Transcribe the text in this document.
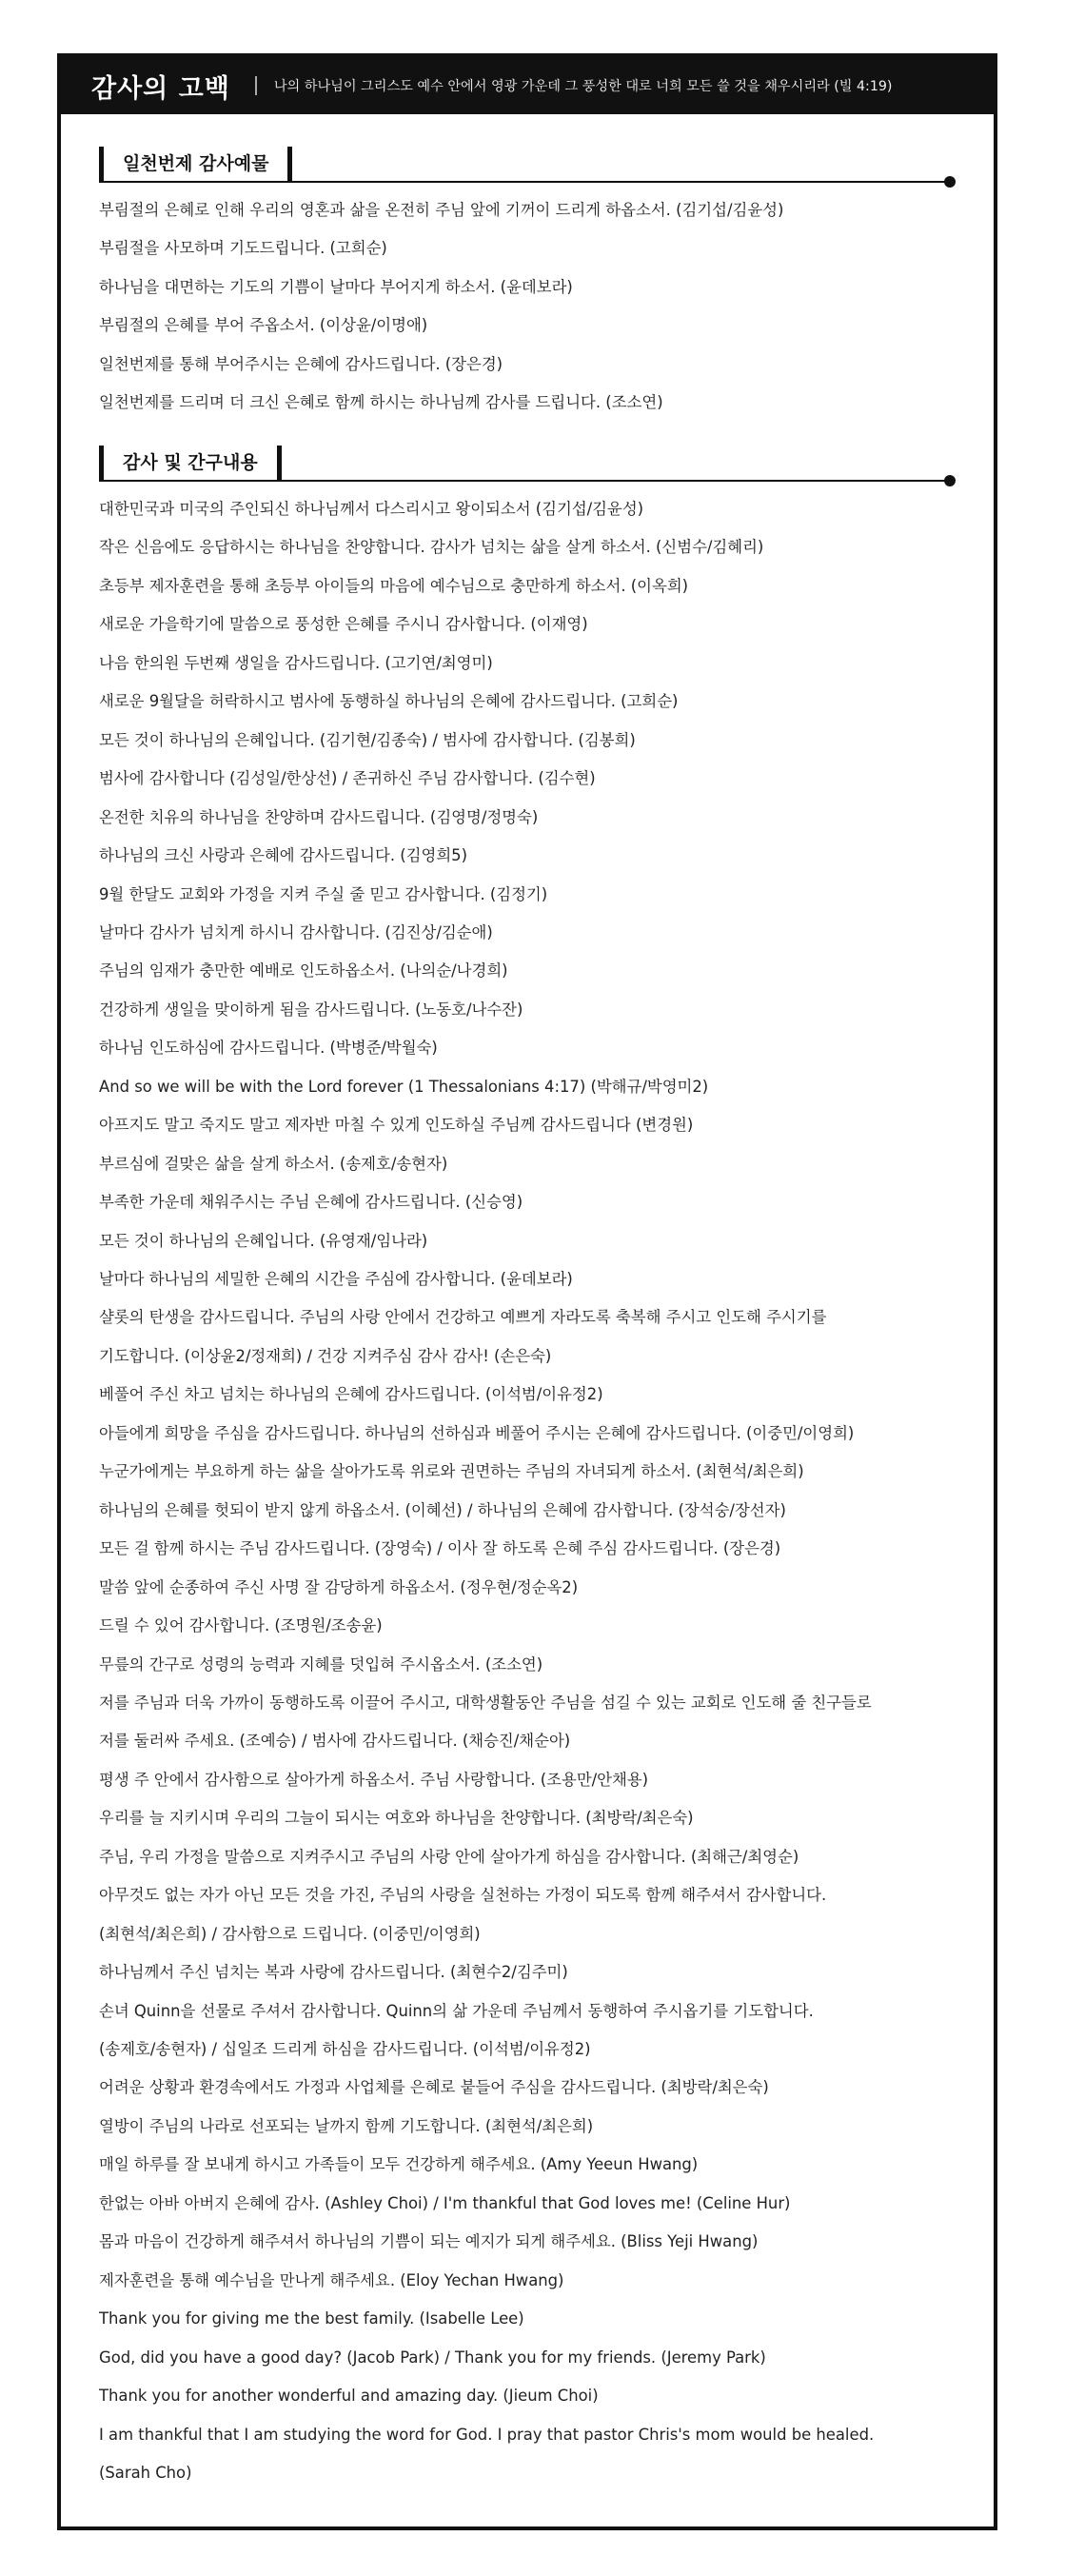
감사의 고백	나의 하나님이 그리스도 예수 안에서 영광 가운데 그 풍성한 대로 너희 모든 쓸 것을 채우시리라 (빌 4:19)
일천번제 감사예물
부림절의 은혜로 인해 우리의 영혼과 삶을 온전히 주님 앞에 기꺼이 드리게 하옵소서. (김기섭/김윤성)
부림절을 사모하며 기도드립니다. (고희순)
하나님을 대면하는 기도의 기쁨이 날마다 부어지게 하소서. (윤데보라)
부림절의 은혜를 부어 주옵소서. (이상윤/이명애)
일천번제를 통해 부어주시는 은혜에 감사드립니다. (장은경)
일천번제를 드리며 더 크신 은혜로 함께 하시는 하나님께 감사를 드립니다. (조소연)
감사 및 간구내용
대한민국과 미국의 주인되신 하나님께서 다스리시고 왕이되소서 (김기섭/김윤성)
작은 신음에도 응답하시는 하나님을 찬양합니다. 감사가 넘치는 삶을 살게 하소서. (신범수/김혜리)
초등부 제자훈련을 통해 초등부 아이들의 마음에 예수님으로 충만하게 하소서. (이옥희)
새로운 가을학기에 말씀으로 풍성한 은혜를 주시니 감사합니다. (이재영)
나음 한의원 두번째 생일을 감사드립니다. (고기연/최영미)
새로운 9월달을 허락하시고 범사에 동행하실 하나님의 은혜에 감사드립니다. (고희순)
모든 것이 하나님의 은혜입니다. (김기현/김종숙) / 범사에 감사합니다. (김봉희)
범사에 감사합니다 (김성일/한상선) / 존귀하신 주님 감사합니다. (김수현)
온전한 치유의 하나님을 찬양하며 감사드립니다. (김영명/정명숙)
하나님의 크신 사랑과 은혜에 감사드립니다. (김영희5)
9월 한달도 교회와 가정을 지켜 주실 줄 믿고 감사합니다. (김정기)
날마다 감사가 넘치게 하시니 감사합니다. (김진상/김순애)
주님의 임재가 충만한 예배로 인도하옵소서. (나의순/나경희)
건강하게 생일을 맞이하게 됨을 감사드립니다. (노동호/나수잔)
하나님 인도하심에 감사드립니다. (박병준/박월숙)
And so we will be with the Lord forever (1 Thessalonians 4:17) (박해규/박영미2)
아프지도 말고 죽지도 말고 제자반 마칠 수 있게 인도하실 주님께 감사드립니다 (변경원)
부르심에 걸맞은 삶을 살게 하소서. (송제호/송현자)
부족한 가운데 채워주시는 주님 은혜에 감사드립니다. (신승영)
모든 것이 하나님의 은혜입니다. (유영재/임나라)
날마다 하나님의 세밀한 은혜의 시간을 주심에 감사합니다. (윤데보라)
샬롯의 탄생을 감사드립니다. 주님의 사랑 안에서 건강하고 예쁘게 자라도록 축복해 주시고 인도해 주시기를
기도합니다. (이상윤2/정재희) / 건강 지켜주심 감사 감사! (손은숙)
베풀어 주신 차고 넘치는 하나님의 은혜에 감사드립니다. (이석범/이유정2)
아들에게 희망을 주심을 감사드립니다. 하나님의 선하심과 베풀어 주시는 은혜에 감사드립니다. (이중민/이영희)
누군가에게는 부요하게 하는 삶을 살아가도록 위로와 권면하는 주님의 자녀되게 하소서. (최현석/최은희)
하나님의 은혜를 헛되이 받지 않게 하옵소서. (이혜선) / 하나님의 은혜에 감사합니다. (장석숭/장선자)
모든 걸 함께 하시는 주님 감사드립니다. (장영숙) / 이사 잘 하도록 은혜 주심 감사드립니다. (장은경)
말씀 앞에 순종하여 주신 사명 잘 감당하게 하옵소서. (정우현/정순옥2)
드릴 수 있어 감사합니다. (조명원/조송윤)
무릎의 간구로 성령의 능력과 지혜를 덧입혀 주시옵소서. (조소연)
저를 주님과 더욱 가까이 동행하도록 이끌어 주시고, 대학생활동안 주님을 섬길 수 있는 교회로 인도해 줄 친구들로
저를 둘러싸 주세요. (조예승) / 범사에 감사드립니다. (채승진/채순아)
평생 주 안에서 감사함으로 살아가게 하옵소서. 주님 사랑합니다. (조용만/안채용)
우리를 늘 지키시며 우리의 그늘이 되시는 여호와 하나님을 찬양합니다. (최방락/최은숙)
주님, 우리 가정을 말씀으로 지켜주시고 주님의 사랑 안에 살아가게 하심을 감사합니다. (최해근/최영순)
아무것도 없는 자가 아닌 모든 것을 가진, 주님의 사랑을 실천하는 가정이 되도록 함께 해주셔서 감사합니다.
(최현석/최은희) / 감사함으로 드립니다. (이중민/이영희)
하나님께서 주신 넘치는 복과 사랑에 감사드립니다. (최현수2/김주미)
손녀 Quinn을 선물로 주셔서 감사합니다. Quinn의 삶 가운데 주님께서 동행하여 주시옵기를 기도합니다.
(송제호/송현자) / 십일조 드리게 하심을 감사드립니다. (이석범/이유정2)
어려운 상황과 환경속에서도 가정과 사업체를 은혜로 붙들어 주심을 감사드립니다. (최방락/최은숙)
열방이 주님의 나라로 선포되는 날까지 함께 기도합니다. (최현석/최은희)
매일 하루를 잘 보내게 하시고 가족들이 모두 건강하게 해주세요. (Amy Yeeun Hwang)
한없는 아바 아버지 은혜에 감사. (Ashley Choi) / I'm thankful that God loves me! (Celine Hur)
몸과 마음이 건강하게 해주셔서 하나님의 기쁨이 되는 예지가 되게 해주세요. (Bliss Yeji Hwang)
제자훈련을 통해 예수님을 만나게 해주세요. (Eloy Yechan Hwang)
Thank you for giving me the best family. (Isabelle Lee)
God, did you have a good day? (Jacob Park) / Thank you for my friends. (Jeremy Park)
Thank you for another wonderful and amazing day. (Jieum Choi)
I am thankful that I am studying the word for God. I pray that pastor Chris's mom would be healed.
(Sarah Cho)
